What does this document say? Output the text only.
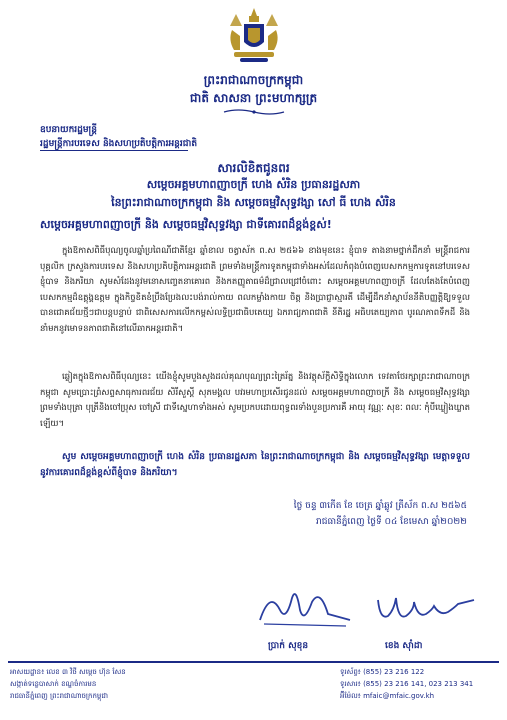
ព្រះរាជាណាចក្រកម្ពុជា
ជាតិ សាសនា ព្រះមហាក្សត្រ
ឧបនាយករដ្ឋមន្ត្រី
រដ្ឋមន្ត្រីការបរទេស និងសហប្រតិបត្តិការអន្តរជាតិ
សារលិខិតជូនពរ
សម្តេចអគ្គមហាពញាចក្រី ហេង សំរិន ប្រធានរដ្ឋសភា
នៃព្រះរាជាណាចក្រកម្ពុជា និង សម្តេចធម្មវិសុទ្ធវង្សា សៅ ធី ហេង សំរិន
សម្តេចអគ្គមហាពញាចក្រី និង សម្តេចធម្មវិសុទ្ធវង្សា ជាទីគោរពដ៏ខ្ពង់ខ្ពស់!
ក្នុងឱកាសពិធីបុណ្យចូលឆ្នាំប្រពៃណីជាតិខ្មែរ ឆ្នាំខាល ចត្វាស័ក ព.ស ២៥៦៦ ខាងមុខនេះ ខ្ញុំបាទ តាងនាមថ្នាក់ដឹកនាំ មន្ត្រីរាជការ បុគ្គលិក ក្រសួងការបរទេស និងសហប្រតិបត្តិការអន្តរជាតិ ព្រមទាំងមន្ត្រីការទូតកម្ពុជាទាំងអស់ដែលកំពុងបំពេញបេសកកម្មការទូតនៅបរទេស ខ្ញុំបាទ និងភរិយា សូមសំដែងនូវមនោសញ្ចេតនាគោរព និងកតញ្ញូតាធម៌ដ៏ជ្រាលជ្រៅចំពោះ សម្តេចអគ្គមហាពញាចក្រី ដែលតែងតែបំពេញបេសកកម្មដ៏ឧត្តុង្គឧត្តម ក្នុងកិច្ចខិតខំប្រឹងប្រែងលះបង់រាល់កាយ ពលកម្លាំងកាយ ចិត្ត និងប្រាជ្ញាស្មារតី ដើម្បីដឹកនាំស្ថាប័ននីតិបញ្ញត្តិឱ្យទទួលបានជោគជ័យថ្មីៗជាបន្តបន្ទាប់ ជាពិសេសការលើកកម្ពស់លទ្ធិប្រជាធិបតេយ្យ ឯករាជ្យភាពជាតិ នីតិរដ្ឋ អធិបតេយ្យភាព បូរណភាពទឹកដី និងនាំមកនូវមោទនភាពជាតិនៅលើឆាកអន្តរជាតិ។
ឆ្លៀតក្នុងឱកាសពិធីបុណ្យនេះ យើងខ្ញុំសូមបួងសួងដល់គុណបុណ្យព្រះត្រៃរ័ត្ន និងវត្ថុស័ក្តិសិទ្ធិក្នុងលោក ទេវតាថែរក្សាព្រះរាជាណាចក្រកម្ពុជា សូមប្រោះព្រំសព្ទសាធុការពរជ័យ សិរីសួស្តី សុភមង្គល បវរមហាប្រសើរជូនដល់ សម្តេចអគ្គមហាពញាចក្រី និង សម្តេចធម្មវិសុទ្ធវង្សា ព្រមទាំងបុត្រា បុត្រីនិងចៅប្រុស ចៅស្រី ជាទីស្នេហាទាំងអស់ សូមប្រកបដោយពុទ្ធពរទាំងបួនប្រការគឺ អាយុ វណ្ណៈ សុខៈ ពលៈ កុំបីឃ្លៀងឃ្លាតឡើយ។
សូម សម្តេចអគ្គមហាពញាចក្រី ហេង សំរិន ប្រធានរដ្ឋសភា នៃព្រះរាជាណាចក្រកម្ពុជា និង សម្តេចធម្មវិសុទ្ធវង្សា មេត្តាទទួលនូវការគោរពដ៏ខ្ពង់ខ្ពស់ពីខ្ញុំបាទ និងភរិយា។
ថ្ងៃ ចន្ទ ៣កើត ខែ ចេត្រ ឆ្នាំឆ្លូវ ត្រីស័ក ព.ស ២៥៦៥
រាជធានីភ្នំពេញ ថ្ងៃទី ០៤ ខែមេសា ឆ្នាំ២០២២
ប្រាក់ សុខុន	ខេង ស៊ាំដា
អាសយដ្ឋាន៖ លេខ ៣ វិថី សម្តេច ហ៊ុន សែន
សង្កាត់ទន្លេបាសាក់ ខណ្ឌចំការមន
រាជធានីភ្នំពេញ ព្រះរាជាណាចក្រកម្ពុជា
ទូរស័ព្ទ៖ (855) 23 216 122
ទូរសារ៖ (855) 23 216 141, 023 213 341
អ៊ីម៉ែល៖ mfaic@mfaic.gov.kh
